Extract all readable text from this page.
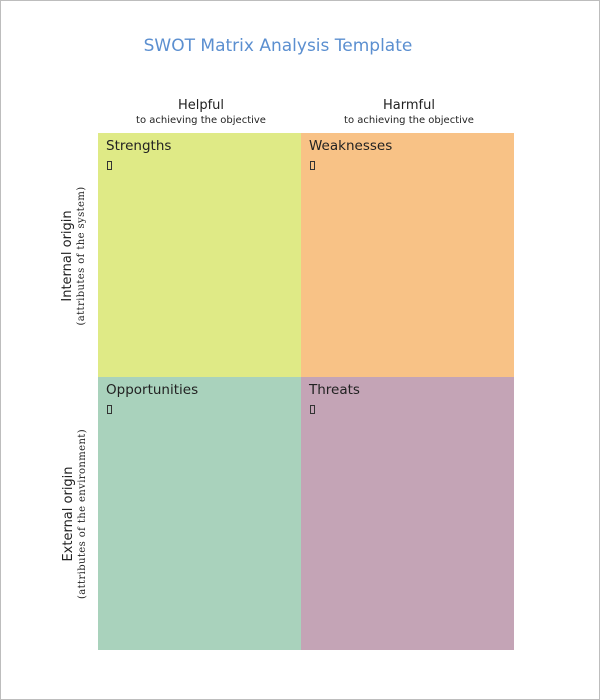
SWOT Matrix Analysis Template
Helpful
to achieving the objective
Harmful
to achieving the objective
Internal origin (attributes of the system)
External origin (attributes of the environment)
Strengths	Weaknesses
Opportunities	Threats
